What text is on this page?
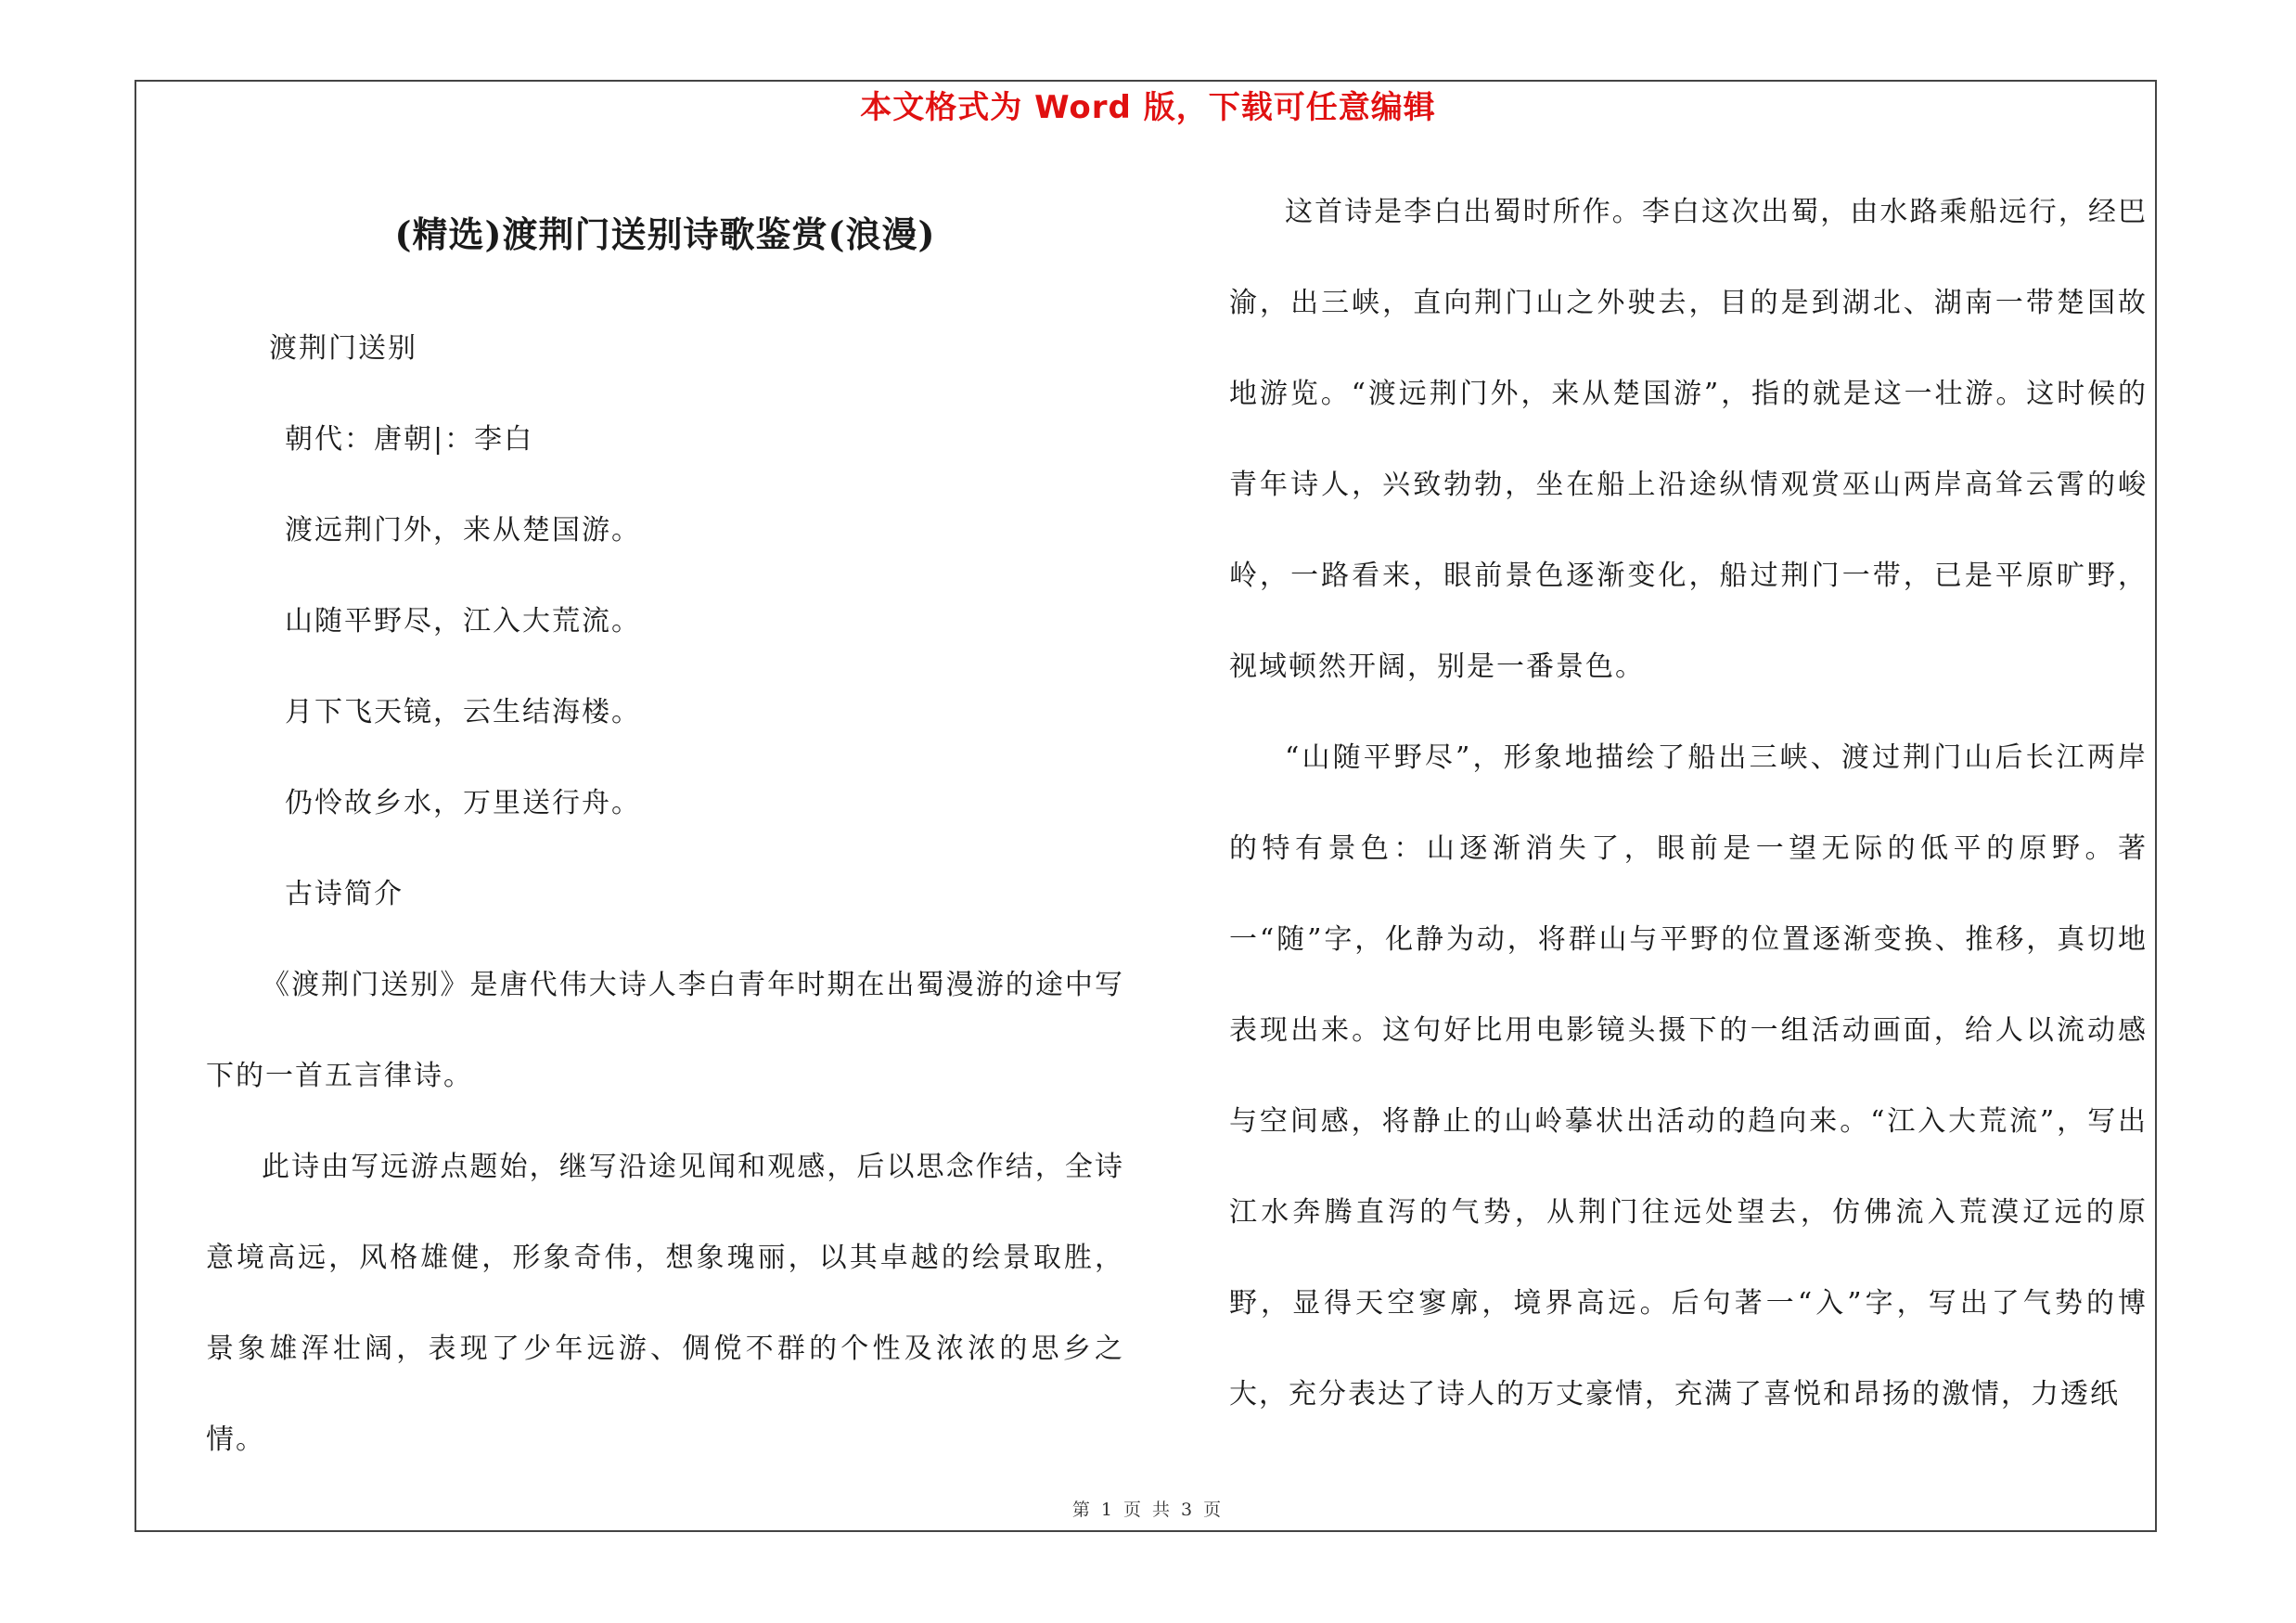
本文格式为 Word 版，下载可任意编辑
(精选)渡荆门送别诗歌鉴赏(浪漫)
渡荆门送别
朝代：唐朝|：李白
渡远荆门外，来从楚国游。
山随平野尽，江入大荒流。
月下飞天镜，云生结海楼。
仍怜故乡水，万里送行舟。
古诗简介
《渡荆门送别》是唐代伟大诗人李白青年时期在出蜀漫游的途中写下的一首五言律诗。
此诗由写远游点题始，继写沿途见闻和观感，后以思念作结，全诗意境高远，风格雄健，形象奇伟，想象瑰丽，以其卓越的绘景取胜，景象雄浑壮阔，表现了少年远游、倜傥不群的个性及浓浓的思乡之情。
这首诗是李白出蜀时所作。李白这次出蜀，由水路乘船远行，经巴渝，出三峡，直向荆门山之外驶去，目的是到湖北、湖南一带楚国故地游览。“渡远荆门外，来从楚国游”，指的就是这一壮游。这时候的青年诗人，兴致勃勃，坐在船上沿途纵情观赏巫山两岸高耸云霄的峻岭，一路看来，眼前景色逐渐变化，船过荆门一带，已是平原旷野，视域顿然开阔，别是一番景色。
“山随平野尽”，形象地描绘了船出三峡、渡过荆门山后长江两岸的特有景色：山逐渐消失了，眼前是一望无际的低平的原野。著一“随”字，化静为动，将群山与平野的位置逐渐变换、推移，真切地表现出来。这句好比用电影镜头摄下的一组活动画面，给人以流动感与空间感，将静止的山岭摹状出活动的趋向来。“江入大荒流”，写出江水奔腾直泻的气势，从荆门往远处望去，仿佛流入荒漠辽远的原野，显得天空寥廓，境界高远。后句著一“入”字，写出了气势的博大，充分表达了诗人的万丈豪情，充满了喜悦和昂扬的激情，力透纸
第 1 页 共 3 页
